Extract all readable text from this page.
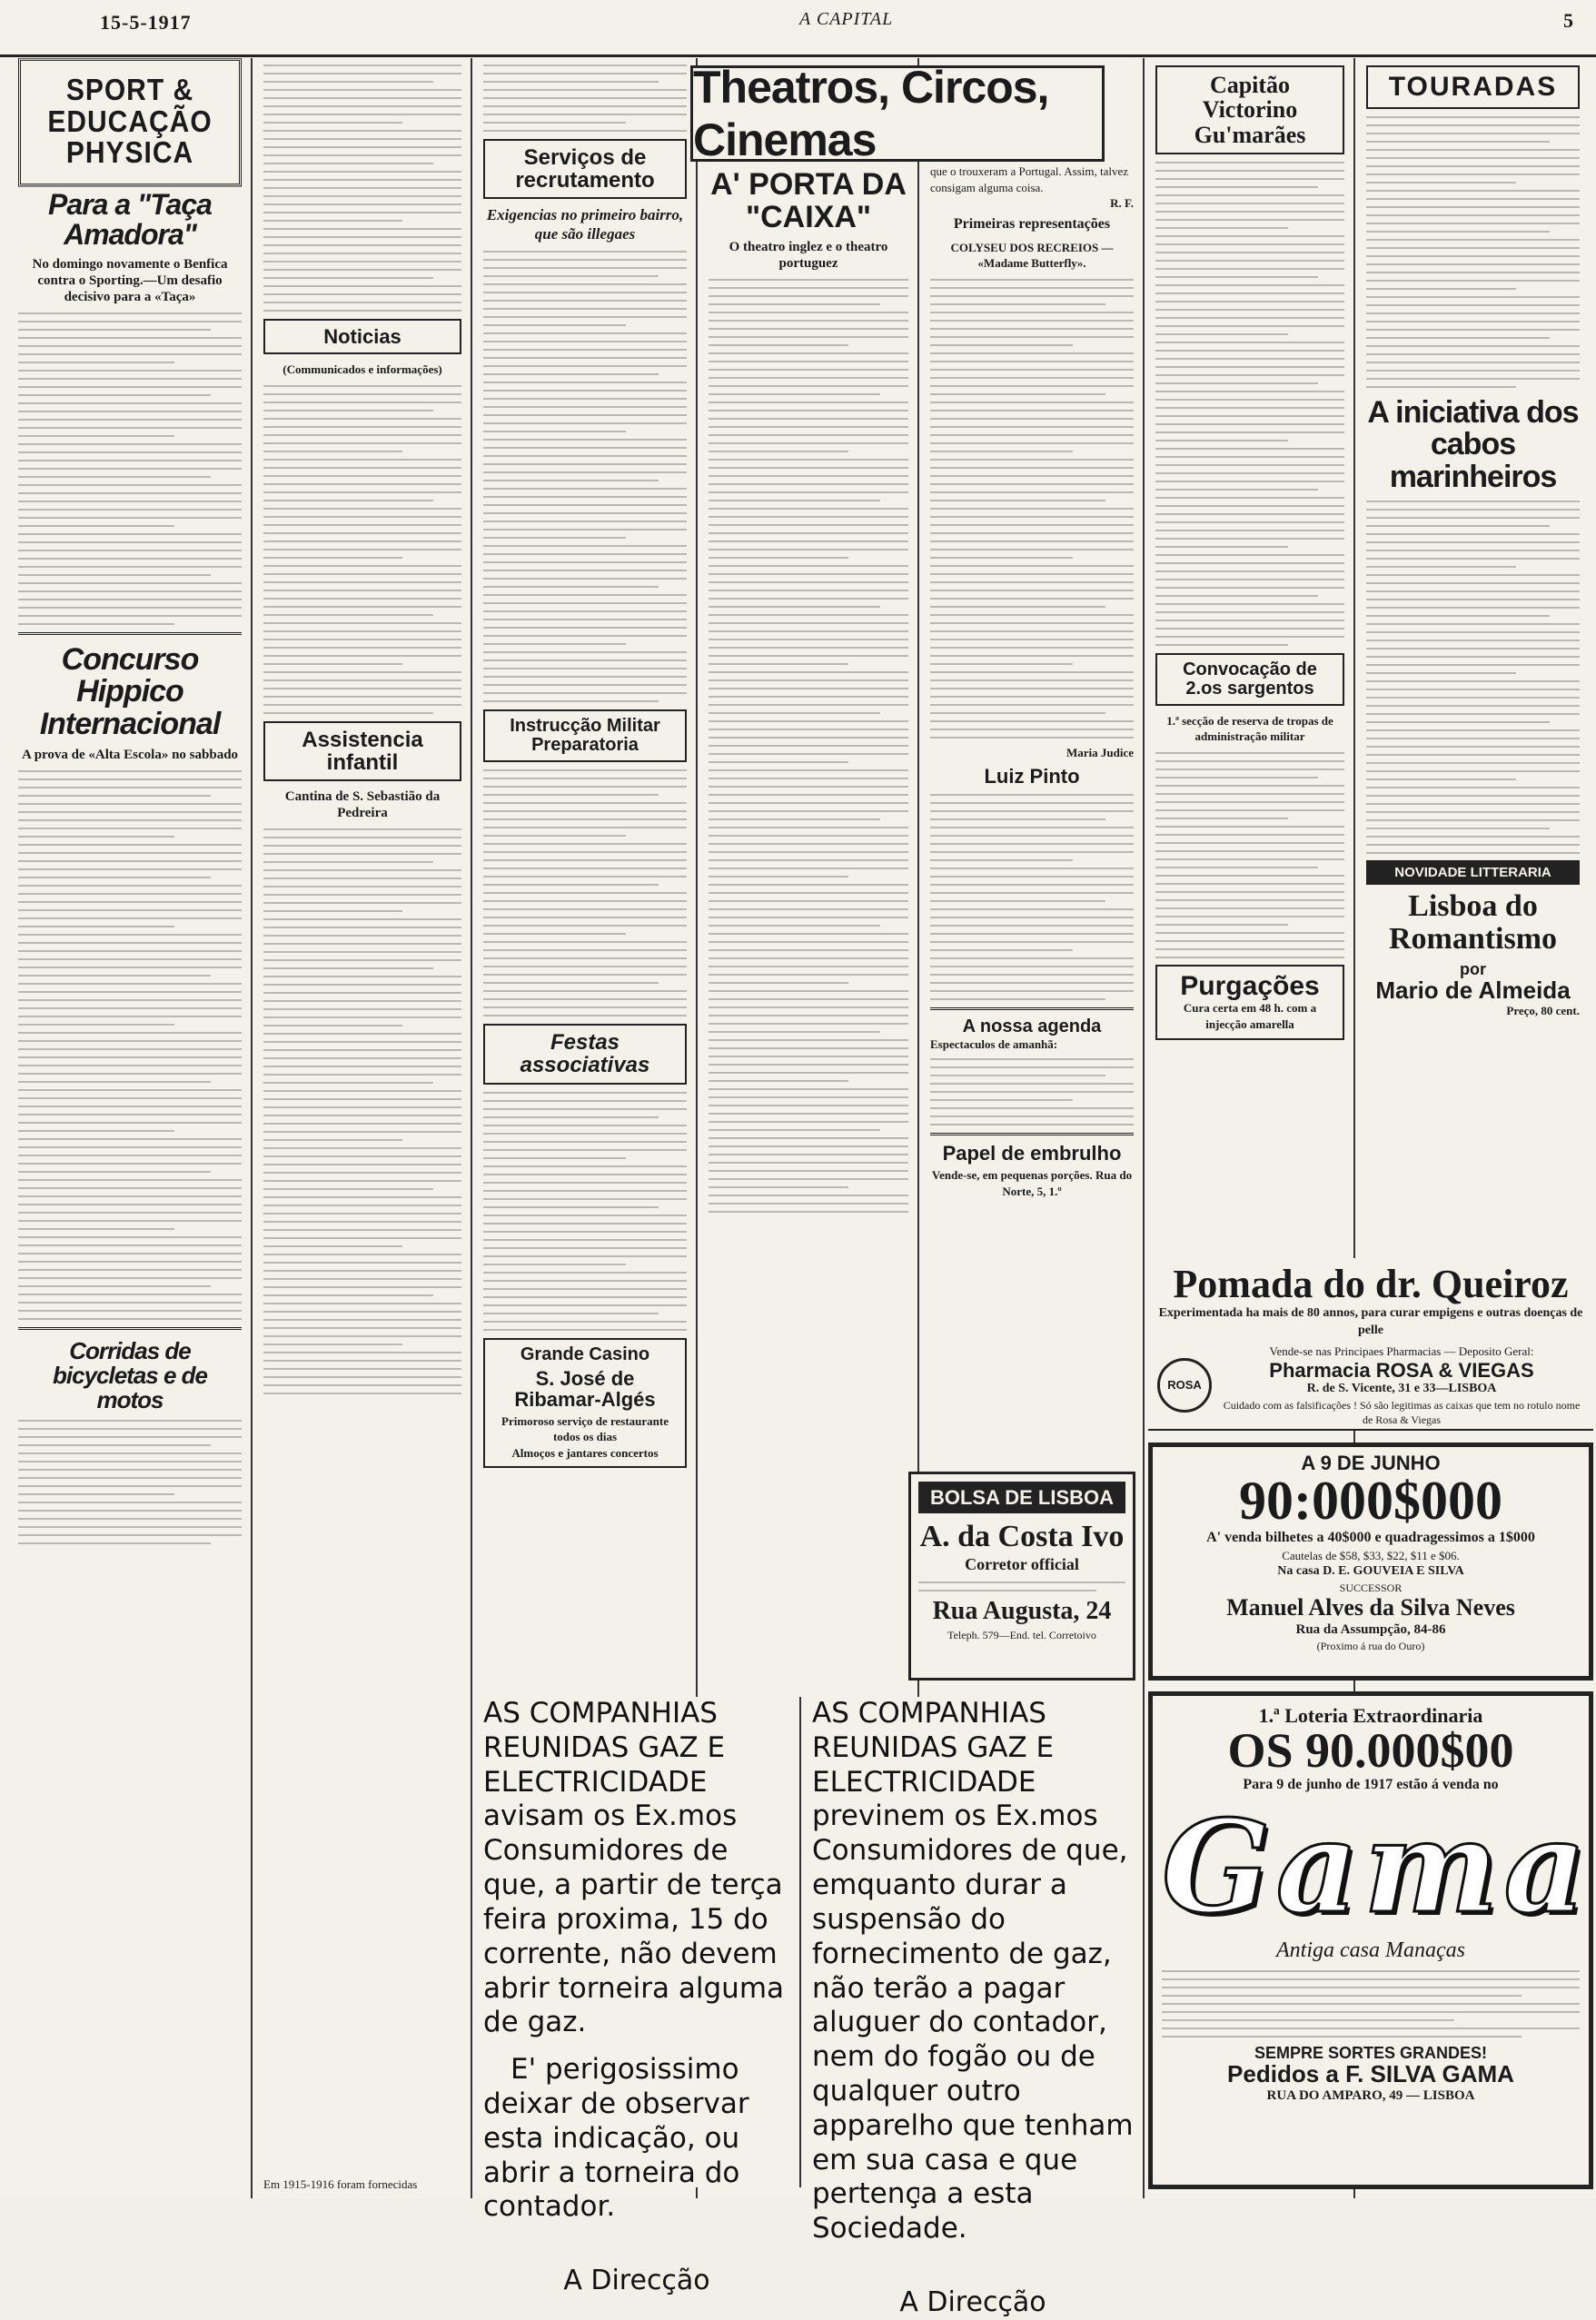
15-5-1917	A CAPITAL	5
SPORT & EDUCAÇÃO PHYSICA
Para a "Taça Amadora"
No domingo novamente o Benfica contra o Sporting.—Um desafio decisivo para a «Taça»
Concurso Hippico Internacional
A prova de «Alta Escola» no sabbado
Corridas de bicycletas e de motos
Noticias
(Communicados e informações)
Assistencia infantil
Cantina de S. Sebastião da Pedreira
Em 1915-1916 foram fornecidas
Serviços de recrutamento
Exigencias no primeiro bairro, que são illegaes
Instrucção Militar Preparatoria
Festas associativas
Grande Casino
S. José de Ribamar-Algés
Primoroso serviço de restaurante todos os dias
Almoços e jantares concertos
A' PORTA DA "CAIXA"
O theatro inglez e o theatro portuguez
que o trouxeram a Portugal. Assim, talvez consigam alguma coisa.
R. F.
Primeiras representações
COLYSEU DOS RECREIOS — «Madame Butterfly».
Maria Judice
Luiz Pinto
A nossa agenda
Espectaculos de amanhã:
Papel de embrulho
Vende-se, em pequenas porções. Rua do Norte, 5, 1.º
Capitão Victorino Gu'marães
Convocação de 2.os sargentos
1.ª secção de reserva de tropas de administração militar
Purgações
Cura certa em 48 h. com a injecção amarella
TOURADAS
A iniciativa dos cabos marinheiros
NOVIDADE LITTERARIA
Lisboa do Romantismo
por
Mario de Almeida
Preço, 80 cent.
Theatros, Circos, Cinemas
BOLSA DE LISBOA
A. da Costa Ivo
Corretor official
Rua Augusta, 24
Teleph. 579—End. tel. Corretoivo
Pomada do dr. Queiroz
Experimentada ha mais de 80 annos, para curar empigens e outras doenças de pelle
ROSA
Vende-se nas Principaes Pharmacias — Deposito Geral:
Pharmacia ROSA & VIEGAS
R. de S. Vicente, 31 e 33—LISBOA
Cuidado com as falsificações ! Só são legitimas as caixas que tem no rotulo nome de Rosa & Viegas
A 9 DE JUNHO
90:000$000
A' venda bilhetes a 40$000 e quadragessimos a 1$000
Cautelas de $58, $33, $22, $11 e $06.
Na casa D. E. GOUVEIA E SILVA
SUCCESSOR
Manuel Alves da Silva Neves
Rua da Assumpção, 84-86
(Proximo á rua do Ouro)
1.ª Loteria Extraordinaria
OS 90.000$00
Para 9 de junho de 1917 estão á venda no
Gama
Antiga casa Manaças
SEMPRE SORTES GRANDES!
Pedidos a F. SILVA GAMA
RUA DO AMPARO, 49 — LISBOA
AS COMPANHIAS REUNIDAS GAZ E ELECTRICIDADE avisam os Ex.mos Consumidores de que, a partir de terça feira proxima, 15 do corrente, não devem abrir torneira alguma de gaz.
E' perigosissimo deixar de observar esta indicação, ou abrir a torneira do contador.
A Direcção
AS COMPANHIAS REUNIDAS GAZ E ELECTRICIDADE previnem os Ex.mos Consumidores de que, emquanto durar a suspensão do fornecimento de gaz, não terão a pagar aluguer do contador, nem do fogão ou de qualquer outro apparelho que tenham em sua casa e que pertença a esta Sociedade.
A Direcção
